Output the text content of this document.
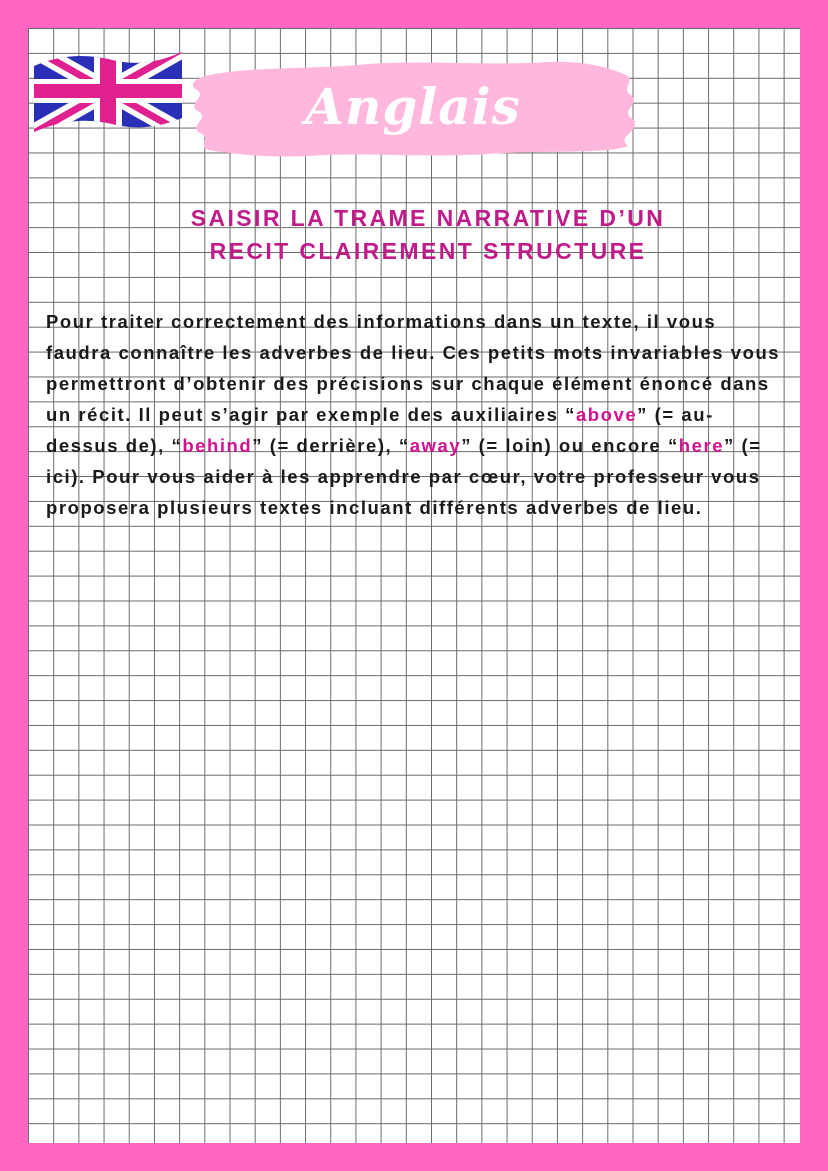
Anglais
SAISIR LA TRAME NARRATIVE D’UN
RECIT CLAIREMENT STRUCTURE

Pour traiter correctement des informations dans un texte, il vous faudra connaître les adverbes de lieu. Ces petits mots invariables vous permettront d’obtenir des précisions sur chaque élément énoncé dans un récit. Il peut s’agir par exemple des auxiliaires “above” (= au-dessus de), “behind” (= derrière), “away” (= loin) ou encore “here” (= ici). Pour vous aider à les apprendre par cœur, votre professeur vous proposera plusieurs textes incluant différents adverbes de lieu.
